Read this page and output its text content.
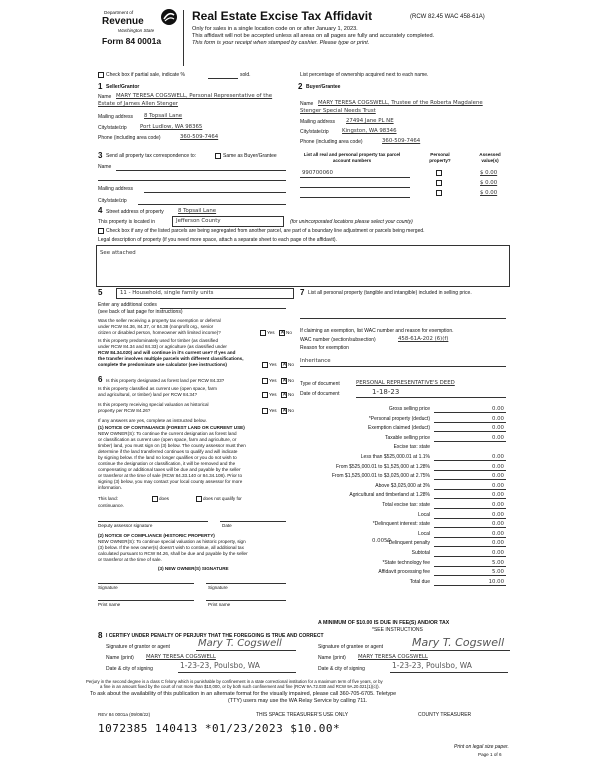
Department of
Revenue
Washington State
Form 84 0001a
Real Estate Excise Tax Affidavit	(RCW 82.45 WAC 458-61A)
Only for sales in a single location code on or after January 1, 2023.
This affidavit will not be accepted unless all areas on all pages are fully and accurately completed.
This form is your receipt when stamped by cashier. Please type or print.
Check box if partial sale, indicate %	sold.	List percentage of ownership acquired next to each name.
1 Seller/Grantor
Name MARY TERESA COGSWELL, Personal Representative of the
Estate of James Allen Stenger
Mailing address 8 Topsail Lane
City/state/zip Port Ludlow, WA 98365
Phone (including area code)	360-509-7464
2 Buyer/Grantee
Name MARY TERESA COGSWELL, Trustee of the Roberta Magdalene
Stenger Special Needs Trust
Mailing address 27494 Jane PL NE
City/state/zip Kingston, WA 98346
Phone (including area code)	360-509-7464
3 Send all property tax correspondence to:	Same as Buyer/Grantee
Name
Mailing address
City/state/zip
List all real and personal property tax parcel account numbers
Personal property?
Assessed value(s)
990700060	$ 0.00
$ 0.00
$ 0.00
4 Street address of property	8 Topsail Lane
This property is located in	Jefferson County	(for unincorporated locations please select your county)
Check box if any of the listed parcels are being segregated from another parcel, are part of a boundary line adjustment or parcels being merged.
Legal description of property (if you need more space, attach a separate sheet to each page of the affidavit).
See attached
5	11 - Household, single family units
Enter any additional codes
(see back of last page for instructions)
Was the seller receiving a property tax exemption or deferral
under RCW 84.36, 84.37, or 84.38 (nonprofit org., senior
citizen or disabled person, homeowner with limited income)?	Yes ✕	No
Is this property predominately used for timber (as classified
under RCW 84.34 and 84.33) or agriculture (as classified under
RCW 84.34.020) and will continue in it's current use? If yes and
the transfer involves multiple parcels with different classifications,
complete the predominate use calculator (see instructions)	Yes ✕	No
6 Is this property designated as forest land per RCW 84.33?	Yes ✕	No
Is this property classified as current use (open space, farm
and agricultural, or timber) land per RCW 84.34?	Yes ✕	No
Is this property receiving special valuation as historical
property per RCW 84.26?	Yes ✕	No
If any answers are yes, complete as instructed below.
(1) NOTICE OF CONTINUANCE (FOREST LAND OR CURRENT USE)
NEW OWNER(S): To continue the current designation as forest land
or classification as current use (open space, farm and agriculture, or
timber) land, you must sign on (3) below. The county assessor must then
determine if the land transferred continues to qualify and will indicate
by signing below. If the land no longer qualifies or you do not wish to
continue the designation or classification, it will be removed and the
compensating or additional taxes will be due and payable by the seller
or transferor at the time of sale (RCW 84.33.140 or 84.34.108). Prior to
signing (3) below, you may contact your local county assessor for more
information.
This land:	does	does not qualify for
continuance.
Deputy assessor signature	Date
(2) NOTICE OF COMPLIANCE (HISTORIC PROPERTY)
NEW OWNER(S): To continue special valuation as historic property, sign
(3) below. If the new owner(s) doesn't wish to continue, all additional tax
calculated pursuant to RCW 84.26, shall be due and payable by the seller
or transferor at the time of sale.
(3) NEW OWNER(S) SIGNATURE
Signature	Signature
Print name	Print name
7 List all personal property (tangible and intangible) included in selling price.
If claiming an exemption, list WAC number and reason for exemption.
WAC number (section/subsection)	458-61A-202 (6)(f)
Reason for exemption
Inheritance
Type of document	PERSONAL REPRESENTATIVE'S DEED
Date of document	1-18-23
Gross selling price	0.00
*Personal property (deduct)	0.00
Exemption claimed (deduct)	0.00
Taxable selling price	0.00
Excise tax: state
Less than $525,000.01 at 1.1%	0.00
From $525,000.01 to $1,525,000 at 1.28%	0.00
From $1,525,000.01 to $3,025,000 at 2.75%	0.00
Above $3,025,000 at 3%	0.00
Agricultural and timberland at 1.28%	0.00
Total excise tax: state	0.00
Local	0.00
*Delinquent interest: state	0.00
Local	0.00
*Delinquent penalty	0.00
Subtotal	0.00
*State technology fee	5.00
Affidavit processing fee	5.00
Total due	10.00
0.0050
A MINIMUM OF $10.00 IS DUE IN FEE(S) AND/OR TAX
*SEE INSTRUCTIONS
8 I CERTIFY UNDER PENALTY OF PERJURY THAT THE FOREGOING IS TRUE AND CORRECT
Signature of grantor or agent	Mary T. Cogswell
Name (print) MARY TERESA COGSWELL
Date & city of signing	1-23-23, Poulsbo, WA
Signature of grantee or agent	Mary T. Cogswell
Name (print) MARY TERESA COGSWELL
Date & city of signing	1-23-23, Poulsbo, WA
Perjury in the second degree is a class C felony which is punishable by confinement in a state correctional institution for a maximum term of five years, or by
a fine in an amount fixed by the court of not more than $10,000, or by both such confinement and fine (RCW 9A.72.030 and RCW 9A.20.021(1)(c)).
To ask about the availability of this publication in an alternate format for the visually impaired, please call 360-705-6705. Teletype
(TTY) users may use the WA Relay Service by calling 711.
REV 84 0001a (09/08/22)	THIS SPACE TREASURER'S USE ONLY	COUNTY TREASURER
1072385 140413 *01/23/2023 $10.00*
Print on legal size paper.
Page 1 of 6
